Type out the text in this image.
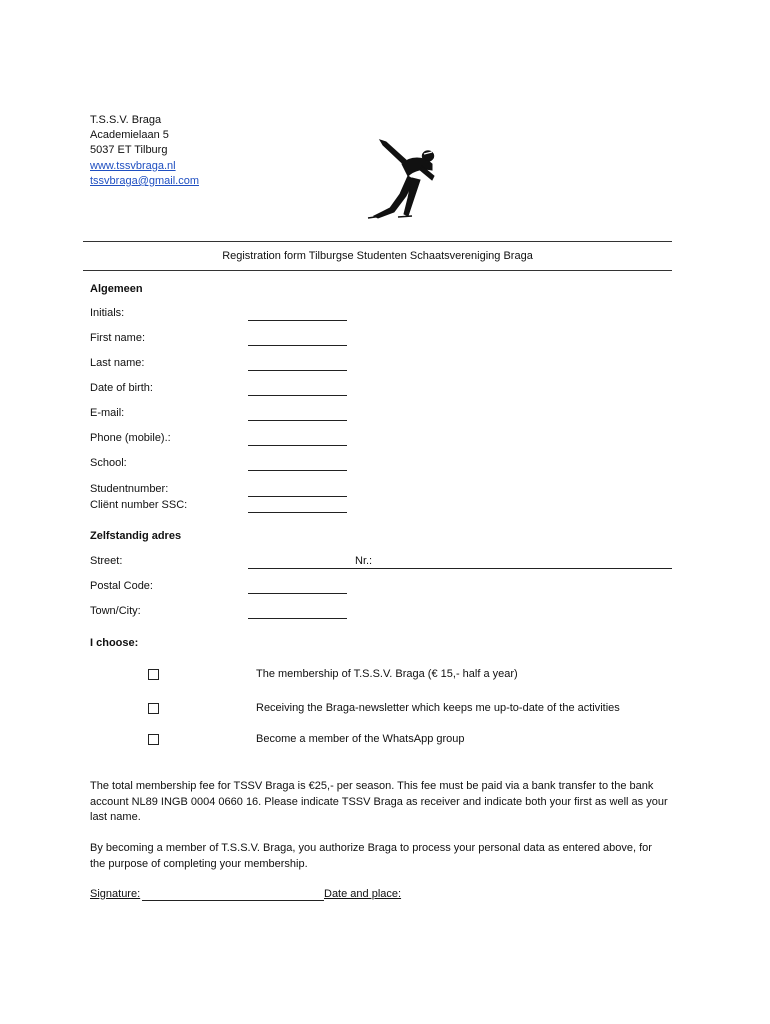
T.S.S.V. Braga
Academielaan 5
5037 ET Tilburg
www.tssvbraga.nl
tssvbraga@gmail.com
Registration form Tilburgse Studenten Schaatsvereniging Braga
Algemeen
Initials:
First name:
Last name:
Date of birth:
E-mail:
Phone (mobile).:
School:
Studentnumber:
Cliënt number SSC:
Zelfstandig adres
Street:	Nr.:
Postal Code:
Town/City:
I choose:
The membership of T.S.S.V. Braga (€ 15,- half a year)
Receiving the Braga-newsletter which keeps me up-to-date of the activities
Become a member of the WhatsApp group
The total membership fee for TSSV Braga is €25,- per season. This fee must be paid via a bank transfer to the bank account NL89 INGB 0004 0660 16. Please indicate TSSV Braga as receiver and indicate both your first as well as your last name.
By becoming a member of T.S.S.V. Braga, you authorize Braga to process your personal data as entered above, for the purpose of completing your membership.
Signature:	Date and place:
